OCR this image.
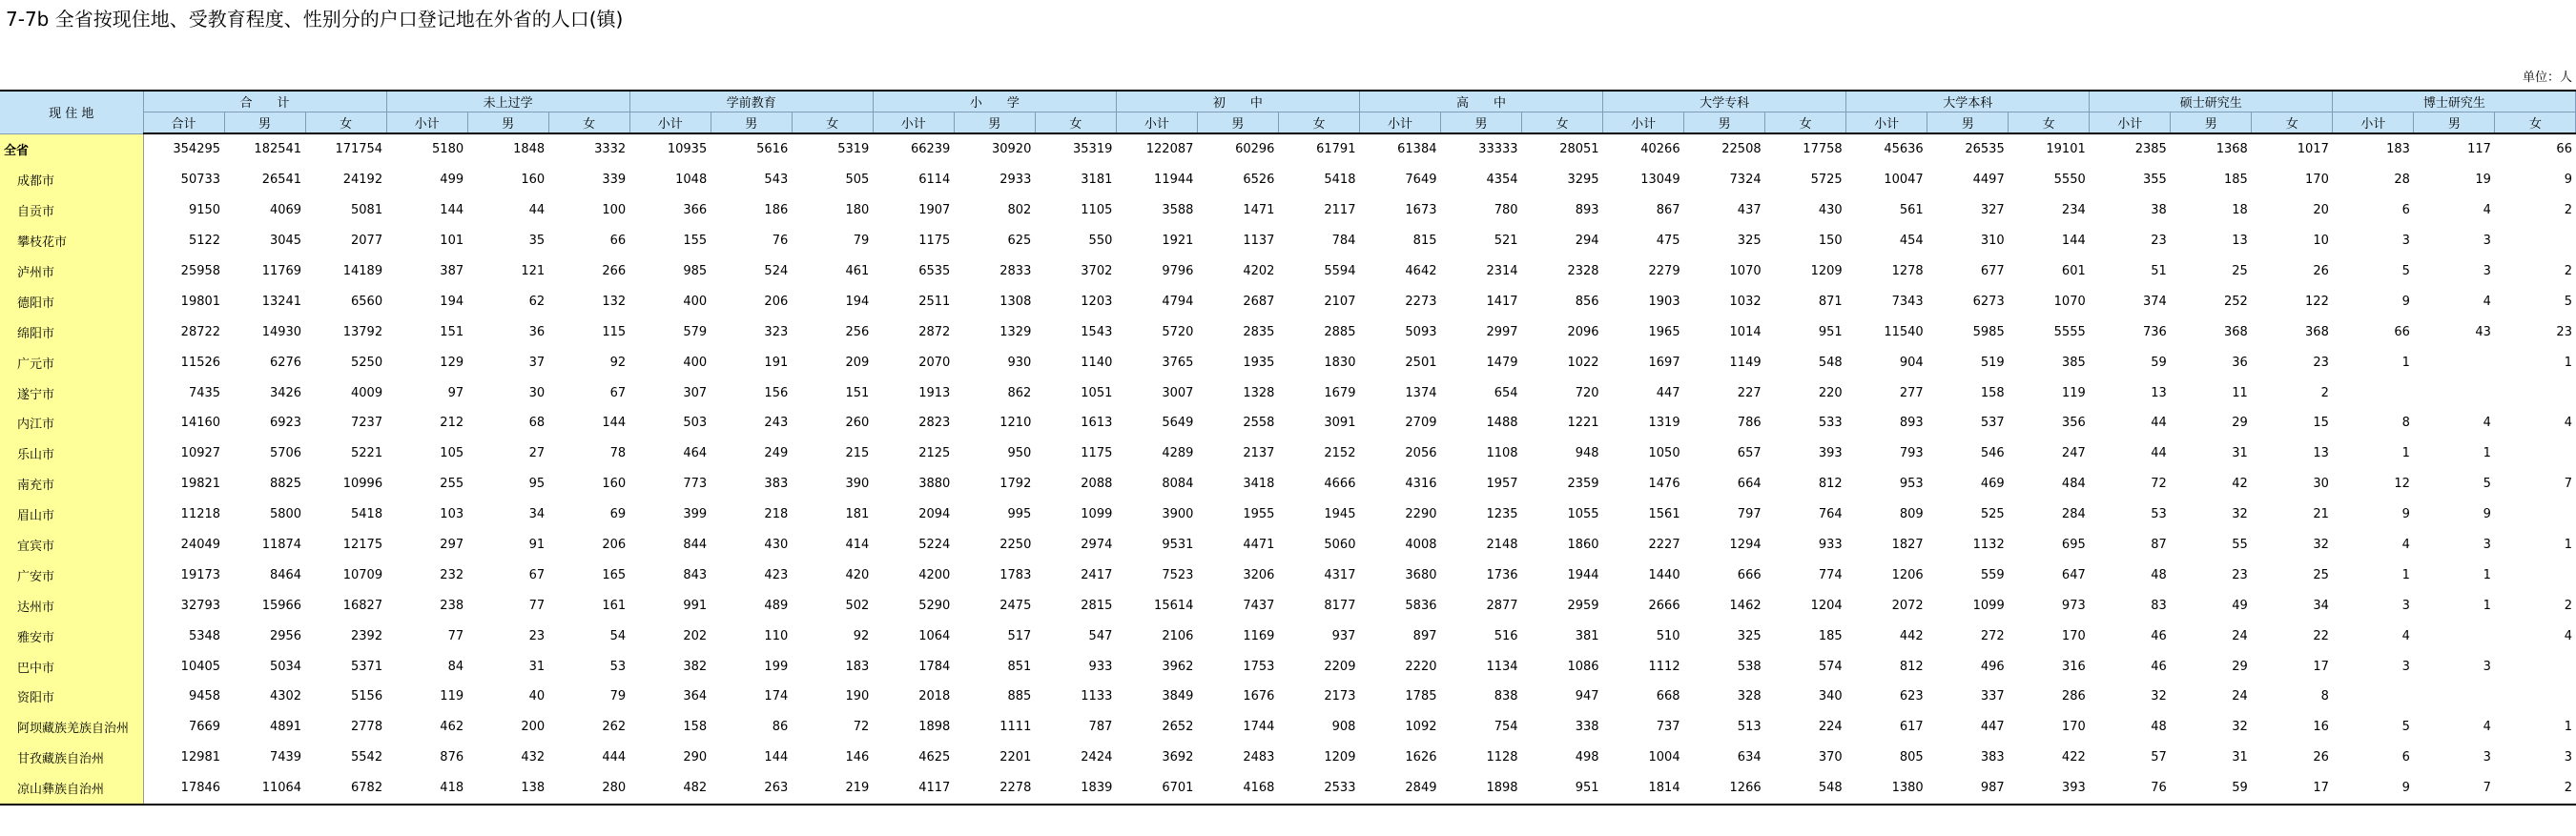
7-7b 全省按现住地、受教育程度、性别分的户口登记地在外省的人口(镇)
单位：人
现 住 地	合　　计			未上过学			学前教育			小　　学			初　　中			高　　中			大学专科			大学本科			硕士研究生			博士研究生		
	合计	男	女	小计	男	女	小计	男	女	小计	男	女	小计	男	女	小计	男	女	小计	男	女	小计	男	女	小计	男	女	小计	男	女
全省	354295	182541	171754	5180	1848	3332	10935	5616	5319	66239	30920	35319	122087	60296	61791	61384	33333	28051	40266	22508	17758	45636	26535	19101	2385	1368	1017	183	117	66
成都市	50733	26541	24192	499	160	339	1048	543	505	6114	2933	3181	11944	6526	5418	7649	4354	3295	13049	7324	5725	10047	4497	5550	355	185	170	28	19	9
自贡市	9150	4069	5081	144	44	100	366	186	180	1907	802	1105	3588	1471	2117	1673	780	893	867	437	430	561	327	234	38	18	20	6	4	2
攀枝花市	5122	3045	2077	101	35	66	155	76	79	1175	625	550	1921	1137	784	815	521	294	475	325	150	454	310	144	23	13	10	3	3	
泸州市	25958	11769	14189	387	121	266	985	524	461	6535	2833	3702	9796	4202	5594	4642	2314	2328	2279	1070	1209	1278	677	601	51	25	26	5	3	2
德阳市	19801	13241	6560	194	62	132	400	206	194	2511	1308	1203	4794	2687	2107	2273	1417	856	1903	1032	871	7343	6273	1070	374	252	122	9	4	5
绵阳市	28722	14930	13792	151	36	115	579	323	256	2872	1329	1543	5720	2835	2885	5093	2997	2096	1965	1014	951	11540	5985	5555	736	368	368	66	43	23
广元市	11526	6276	5250	129	37	92	400	191	209	2070	930	1140	3765	1935	1830	2501	1479	1022	1697	1149	548	904	519	385	59	36	23	1		1
遂宁市	7435	3426	4009	97	30	67	307	156	151	1913	862	1051	3007	1328	1679	1374	654	720	447	227	220	277	158	119	13	11	2			
内江市	14160	6923	7237	212	68	144	503	243	260	2823	1210	1613	5649	2558	3091	2709	1488	1221	1319	786	533	893	537	356	44	29	15	8	4	4
乐山市	10927	5706	5221	105	27	78	464	249	215	2125	950	1175	4289	2137	2152	2056	1108	948	1050	657	393	793	546	247	44	31	13	1	1	
南充市	19821	8825	10996	255	95	160	773	383	390	3880	1792	2088	8084	3418	4666	4316	1957	2359	1476	664	812	953	469	484	72	42	30	12	5	7
眉山市	11218	5800	5418	103	34	69	399	218	181	2094	995	1099	3900	1955	1945	2290	1235	1055	1561	797	764	809	525	284	53	32	21	9	9	
宜宾市	24049	11874	12175	297	91	206	844	430	414	5224	2250	2974	9531	4471	5060	4008	2148	1860	2227	1294	933	1827	1132	695	87	55	32	4	3	1
广安市	19173	8464	10709	232	67	165	843	423	420	4200	1783	2417	7523	3206	4317	3680	1736	1944	1440	666	774	1206	559	647	48	23	25	1	1	
达州市	32793	15966	16827	238	77	161	991	489	502	5290	2475	2815	15614	7437	8177	5836	2877	2959	2666	1462	1204	2072	1099	973	83	49	34	3	1	2
雅安市	5348	2956	2392	77	23	54	202	110	92	1064	517	547	2106	1169	937	897	516	381	510	325	185	442	272	170	46	24	22	4		4
巴中市	10405	5034	5371	84	31	53	382	199	183	1784	851	933	3962	1753	2209	2220	1134	1086	1112	538	574	812	496	316	46	29	17	3	3	
资阳市	9458	4302	5156	119	40	79	364	174	190	2018	885	1133	3849	1676	2173	1785	838	947	668	328	340	623	337	286	32	24	8			
阿坝藏族羌族自治州	7669	4891	2778	462	200	262	158	86	72	1898	1111	787	2652	1744	908	1092	754	338	737	513	224	617	447	170	48	32	16	5	4	1
甘孜藏族自治州	12981	7439	5542	876	432	444	290	144	146	4625	2201	2424	3692	2483	1209	1626	1128	498	1004	634	370	805	383	422	57	31	26	6	3	3
凉山彝族自治州	17846	11064	6782	418	138	280	482	263	219	4117	2278	1839	6701	4168	2533	2849	1898	951	1814	1266	548	1380	987	393	76	59	17	9	7	2
